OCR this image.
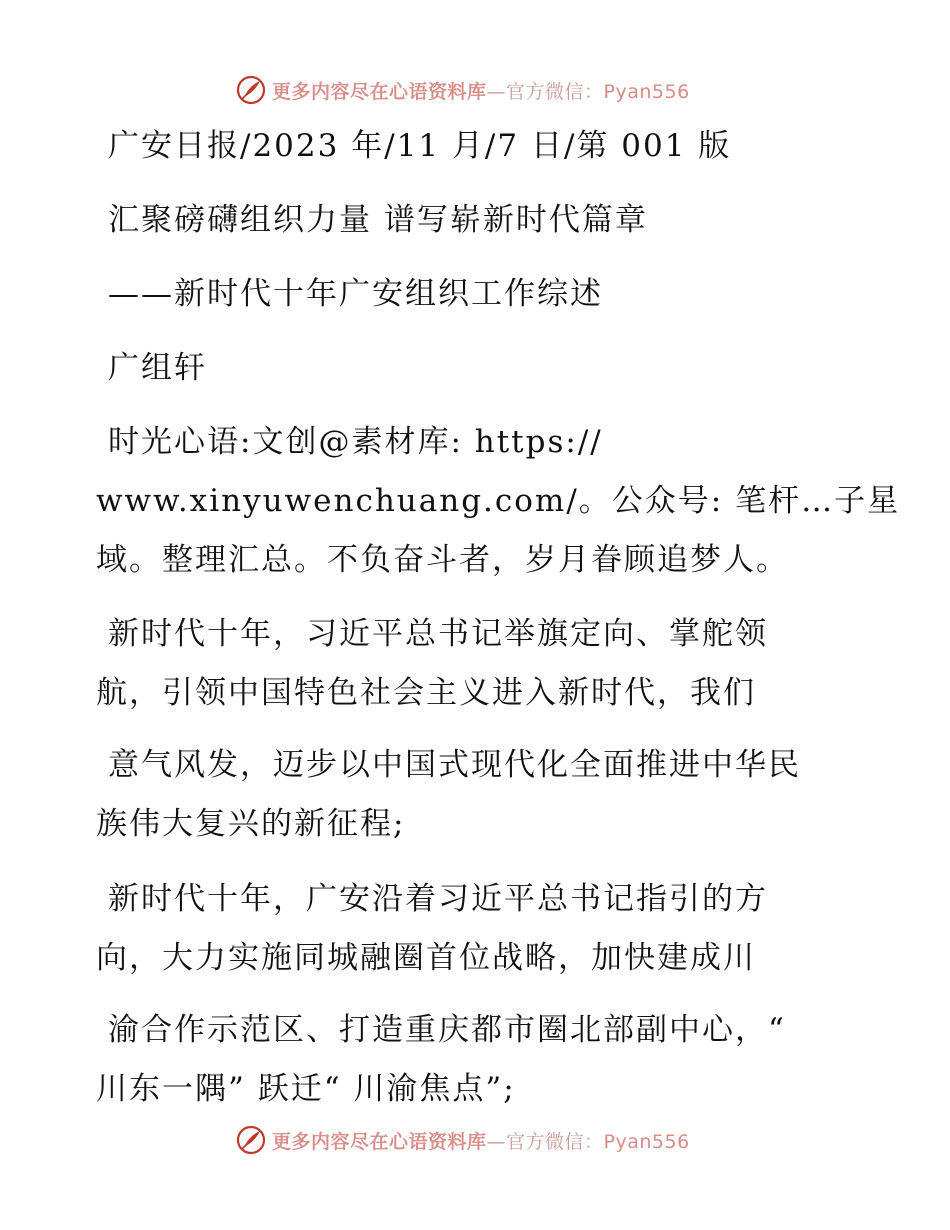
更多内容尽在心语资料库—官方微信：Pyan556
广安日报/2023 年/11 月/7 日/第 001 版
汇聚磅礴组织力量 谱写崭新时代篇章
——新时代十年广安组织工作综述
广组轩
时光心语:文创@素材库: https://
www.xinyuwenchuang.com/。公众号: 笔杆…子星
域。整理汇总。不负奋斗者，岁月眷顾追梦人。
新时代十年，习近平总书记举旗定向、掌舵领
航，引领中国特色社会主义进入新时代，我们
意气风发，迈步以中国式现代化全面推进中华民
族伟大复兴的新征程;
新时代十年，广安沿着习近平总书记指引的方
向，大力实施同城融圈首位战略，加快建成川
渝合作示范区、打造重庆都市圈北部副中心，“
川东一隅” 跃迁“ 川渝焦点”;
更多内容尽在心语资料库—官方微信：Pyan556
